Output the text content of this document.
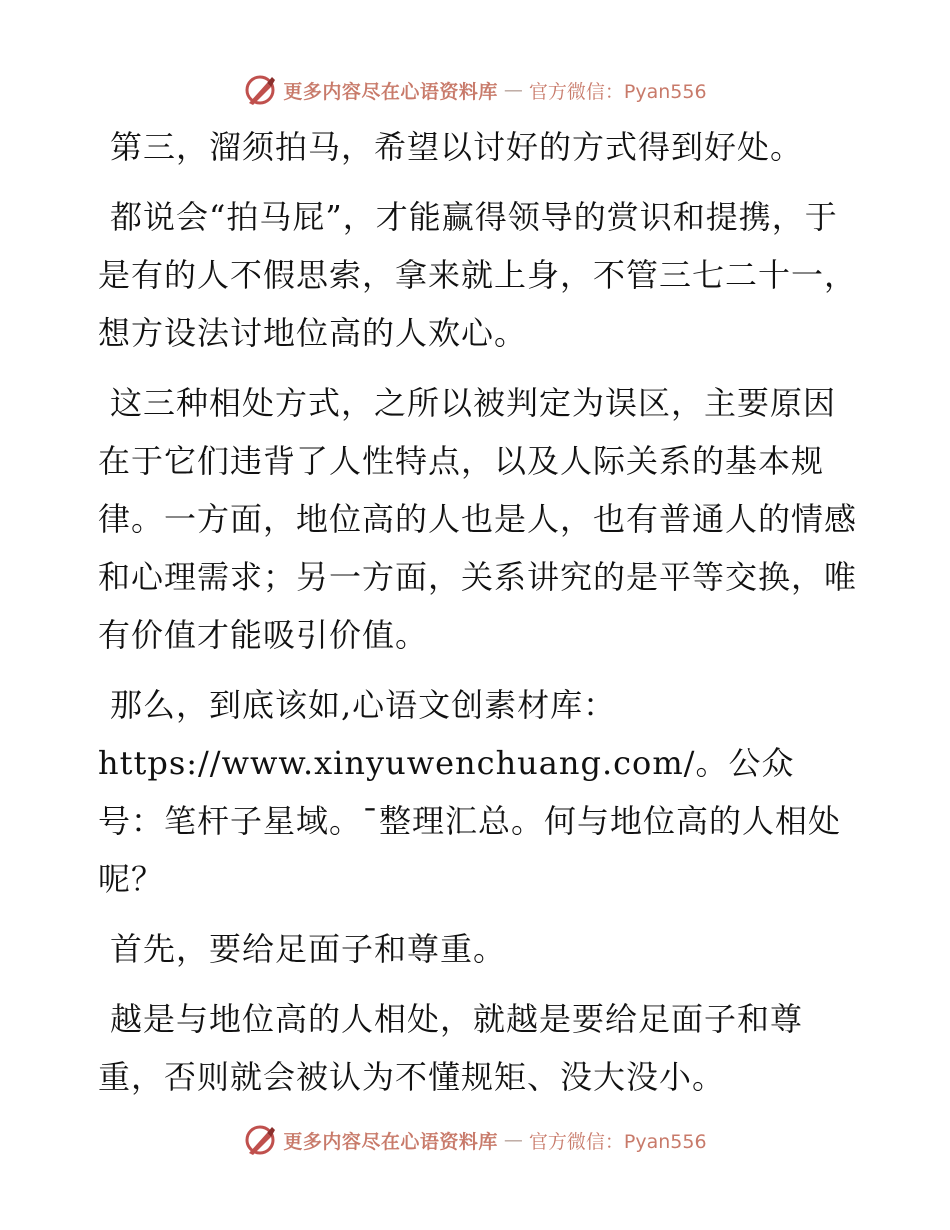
更多内容尽在心语资料库 — 官方微信：Pyan556

第三，溜须拍马，希望以讨好的方式得到好处。

都说会“拍马屁”，才能赢得领导的赏识和提携，于是有的人不假思索，拿来就上身，不管三七二十一，想方设法讨地位高的人欢心。

这三种相处方式，之所以被判定为误区，主要原因在于它们违背了人性特点，以及人际关系的基本规律。一方面，地位高的人也是人，也有普通人的情感和心理需求；另一方面，关系讲究的是平等交换，唯有价值才能吸引价值。

那么，到底该如,心语文创素材库：https://www.xinyuwenchuang.com/。公众号：笔杆子星域。¯整理汇总。何与地位高的人相处呢？

首先，要给足面子和尊重。

越是与地位高的人相处，就越是要给足面子和尊重，否则就会被认为不懂规矩、没大没小。

更多内容尽在心语资料库 — 官方微信：Pyan556
